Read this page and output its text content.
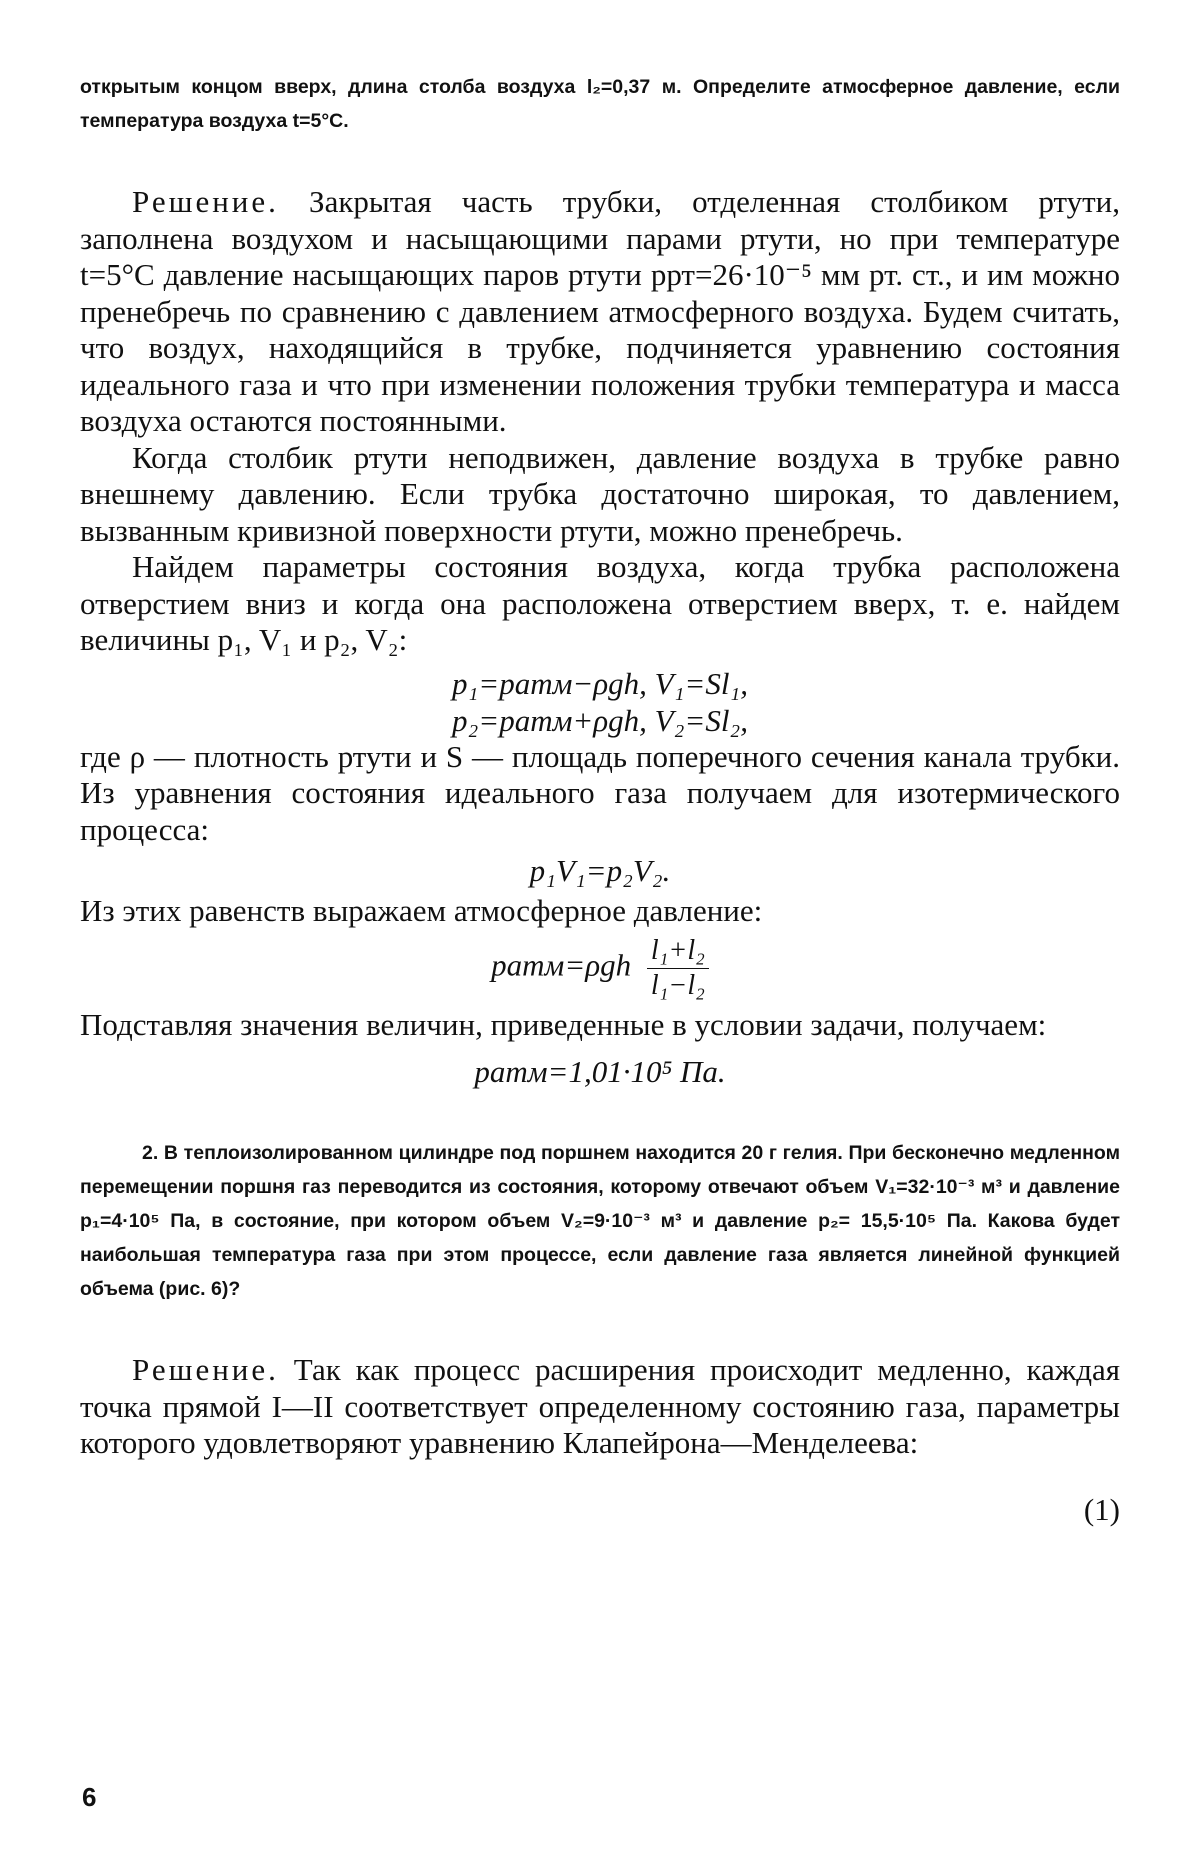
открытым концом вверх, длина столба воздуха l₂=0,37 м. Определите атмосферное давление, если температура воздуха t=5°C.

Решение. Закрытая часть трубки, отделенная столбиком ртути, заполнена воздухом и насыщающими парами ртути, но при температуре t=5°C давление насыщающих паров ртути pрт=26·10⁻⁵ мм рт. ст., и им можно пренебречь по сравнению с давлением атмосферного воздуха. Будем считать, что воздух, находящийся в трубке, подчиняется уравнению состояния идеального газа и что при изменении положения трубки температура и масса воздуха остаются постоянными.

Когда столбик ртути неподвижен, давление воздуха в трубке равно внешнему давлению. Если трубка достаточно широкая, то давлением, вызванным кривизной поверхности ртути, можно пренебречь.

Найдем параметры состояния воздуха, когда трубка расположена отверстием вниз и когда она расположена отверстием вверх, т. е. найдем величины p₁, V₁ и p₂, V₂:

p₁=pатм−ρgh, V₁=Sl₁,

p₂=pатм+ρgh, V₂=Sl₂,

где ρ — плотность ртути и S — площадь поперечного сечения канала трубки. Из уравнения состояния идеального газа получаем для изотермического процесса:

p₁V₁=p₂V₂.

Из этих равенств выражаем атмосферное давление:

pатм=ρgh $\frac{\text{l₁+l₂}}{\text{l₁−l₂}}$

Подставляя значения величин, приведенные в условии задачи, получаем:

pатм=1,01·10⁵ Па.

2. В теплоизолированном цилиндре под поршнем находится 20 г гелия. При бесконечно медленном перемещении поршня газ переводится из состояния, которому отвечают объем V₁=32·10⁻³ м³ и давление p₁=4·10⁵ Па, в состояние, при котором объем V₂=9·10⁻³ м³ и давление p₂= 15,5·10⁵ Па. Какова будет наибольшая температура газа при этом процессе, если давление газа является линейной функцией объема (рис. 6)?

Решение. Так как процесс расширения происходит медленно, каждая точка прямой I—II соответствует определенному состоянию газа, параметры которого удовлетворяют уравнению Клапейрона—Менделеева:

(1)

6
